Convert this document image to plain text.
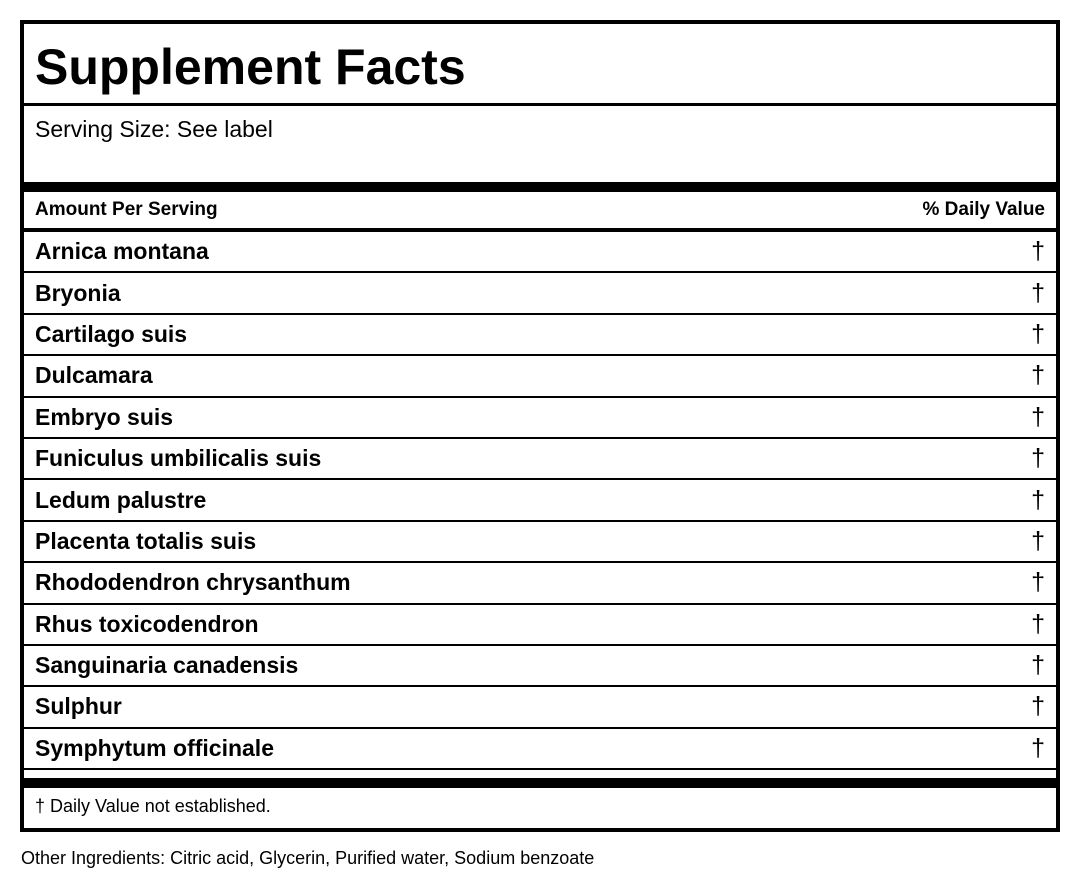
Supplement Facts
Serving Size: See label
Amount Per Serving	% Daily Value
Arnica montana	†
Bryonia	†
Cartilago suis	†
Dulcamara	†
Embryo suis	†
Funiculus umbilicalis suis	†
Ledum palustre	†
Placenta totalis suis	†
Rhododendron chrysanthum	†
Rhus toxicodendron	†
Sanguinaria canadensis	†
Sulphur	†
Symphytum officinale	†
† Daily Value not established.
Other Ingredients: Citric acid, Glycerin, Purified water, Sodium benzoate
